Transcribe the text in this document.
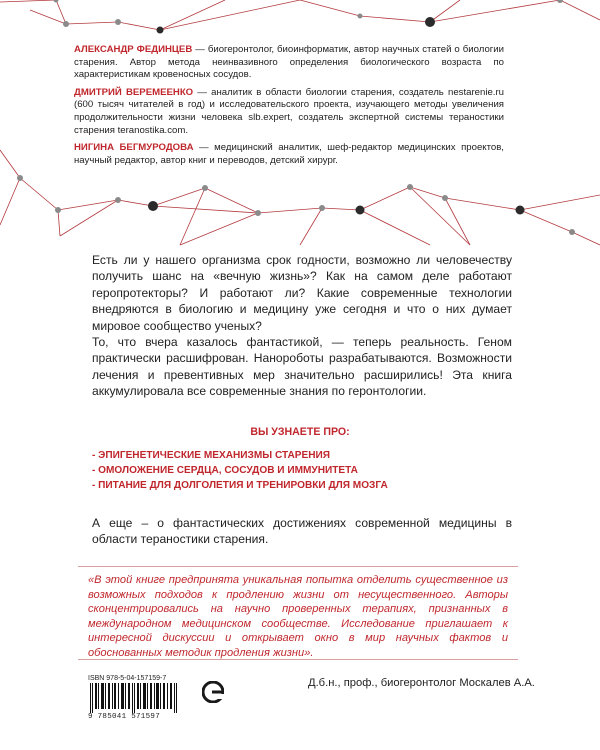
АЛЕКСАНДР ФЕДИНЦЕВ — биогеронтолог, биоинформатик, автор научных статей о биологии старения. Автор метода неинвазивного определения биологического возраста по характеристикам кровеносных сосудов.

ДМИТРИЙ ВЕРЕМЕЕНКО — аналитик в области биологии старения, создатель nestarenie.ru (600 тысяч читателей в год) и исследовательского проекта, изучающего методы увеличения продолжительности жизни человека slb.expert, создатель экспертной системы тераностики старения teranostika.com.

НИГИНА БЕГМУРОДОВА — медицинский аналитик, шеф-редактор медицинских проектов, научный редактор, автор книг и переводов, детский хирург.

Есть ли у нашего организма срок годности, возможно ли человечеству получить шанс на «вечную жизнь»? Как на самом деле работают геропротекторы? И работают ли? Какие современные технологии внедряются в биологию и медицину уже сегодня и что о них думает мировое сообщество ученых?

То, что вчера казалось фантастикой, — теперь реальность. Геном практически расшифрован. Нанороботы разрабатываются. Возможности лечения и превентивных мер значительно расширились! Эта книга аккумулировала все современные знания по геронтологии.

ВЫ УЗНАЕТЕ ПРО:
- ЭПИГЕНЕТИЧЕСКИЕ МЕХАНИЗМЫ СТАРЕНИЯ
- ОМОЛОЖЕНИЕ СЕРДЦА, СОСУДОВ И ИММУНИТЕТА
- ПИТАНИЕ ДЛЯ ДОЛГОЛЕТИЯ И ТРЕНИРОВКИ ДЛЯ МОЗГА

А еще – о фантастических достижениях современной медицины в области тераностики старения.

«В этой книге предпринята уникальная попытка отделить существенное из возможных подходов к продлению жизни от несущественного. Авторы сконцентрировались на научно проверенных терапиях, признанных в международном медицинском сообществе. Исследование приглашает к интересной дискуссии и открывает окно в мир научных фактов и обоснованных методик продления жизни».

ISBN 978-5-04-157159-7
9 785041 571597
Д.б.н., проф., биогеронтолог Москалев А.А.
